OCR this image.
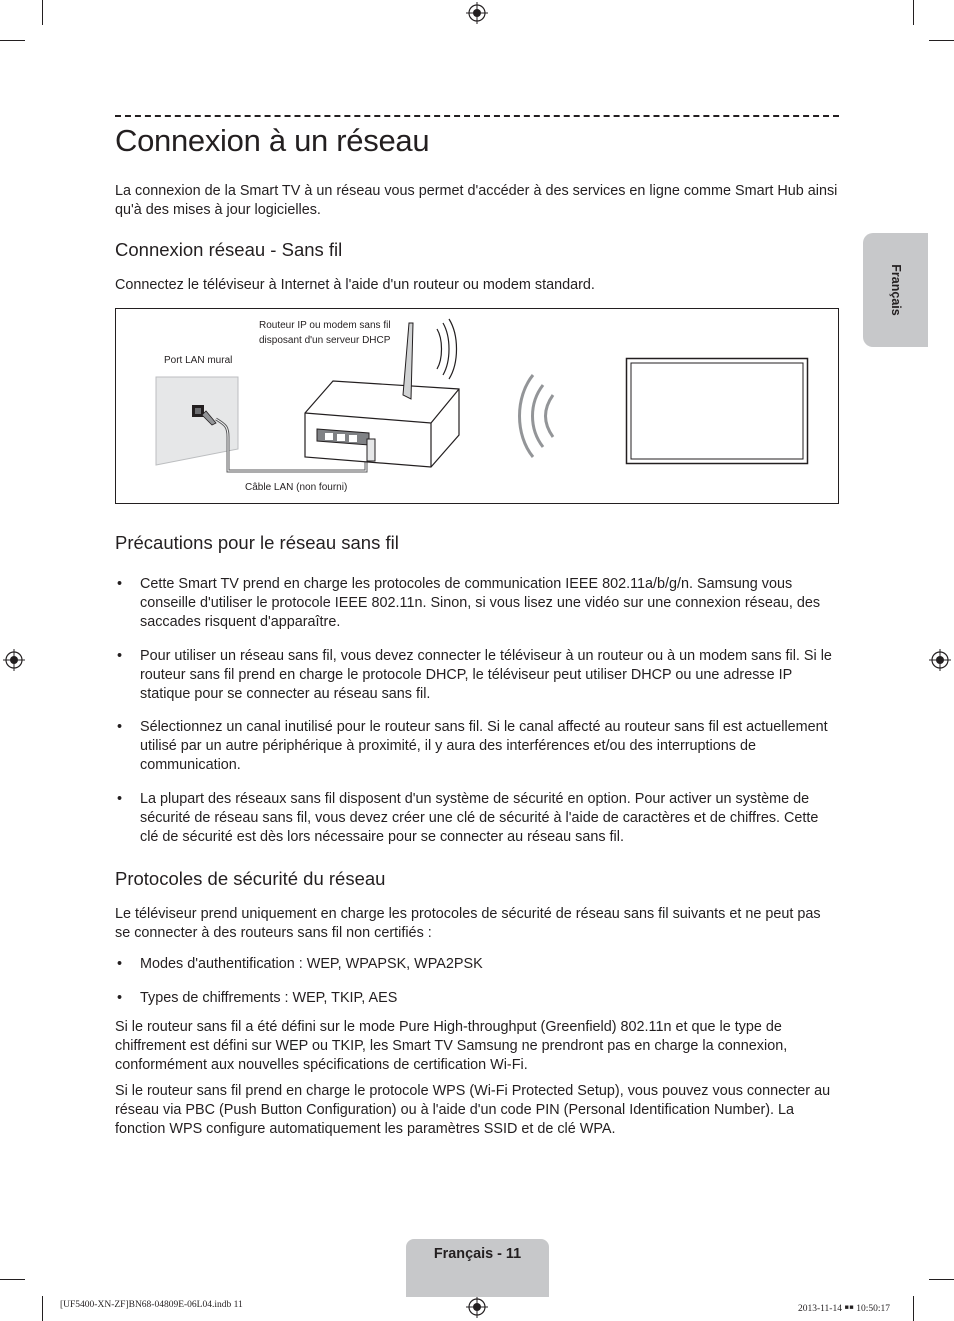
Français
Connexion à un réseau

La connexion de la Smart TV à un réseau vous permet d'accéder à des services en ligne comme Smart Hub ainsi qu'à des mises à jour logicielles.

Connexion réseau - Sans fil

Connectez le téléviseur à Internet à l'aide d'un routeur ou modem standard.

Routeur IP ou modem sans fil
disposant d'un serveur DHCP
Port LAN mural
Câble LAN (non fourni)
Précautions pour le réseau sans fil
• Cette Smart TV prend en charge les protocoles de communication IEEE 802.11a/b/g/n. Samsung vous conseille d'utiliser le protocole IEEE 802.11n. Sinon, si vous lisez une vidéo sur une connexion réseau, des saccades risquent d'apparaître.
• Pour utiliser un réseau sans fil, vous devez connecter le téléviseur à un routeur ou à un modem sans fil. Si le routeur sans fil prend en charge le protocole DHCP, le téléviseur peut utiliser DHCP ou une adresse IP statique pour se connecter au réseau sans fil.
• Sélectionnez un canal inutilisé pour le routeur sans fil. Si le canal affecté au routeur sans fil est actuellement utilisé par un autre périphérique à proximité, il y aura des interférences et/ou des interruptions de communication.
• La plupart des réseaux sans fil disposent d'un système de sécurité en option. Pour activer un système de sécurité de réseau sans fil, vous devez créer une clé de sécurité à l'aide de caractères et de chiffres. Cette clé de sécurité est dès lors nécessaire pour se connecter au réseau sans fil.
Protocoles de sécurité du réseau

Le téléviseur prend uniquement en charge les protocoles de sécurité de réseau sans fil suivants et ne peut pas se connecter à des routeurs sans fil non certifiés :

• Modes d'authentification : WEP, WPAPSK, WPA2PSK
• Types de chiffrements : WEP, TKIP, AES

Si le routeur sans fil a été défini sur le mode Pure High-throughput (Greenfield) 802.11n et que le type de chiffrement est défini sur WEP ou TKIP, les Smart TV Samsung ne prendront pas en charge la connexion, conformément aux nouvelles spécifications de certification Wi-Fi.

Si le routeur sans fil prend en charge le protocole WPS (Wi-Fi Protected Setup), vous pouvez vous connecter au réseau via PBC (Push Button Configuration) ou à l'aide d'un code PIN (Personal Identification Number). La fonction WPS configure automatiquement les paramètres SSID et de clé WPA.

Français - 11
[UF5400-XN-ZF]BN68-04809E-06L04.indb 11	2013-11-14 ￭￭ 10:50:17
